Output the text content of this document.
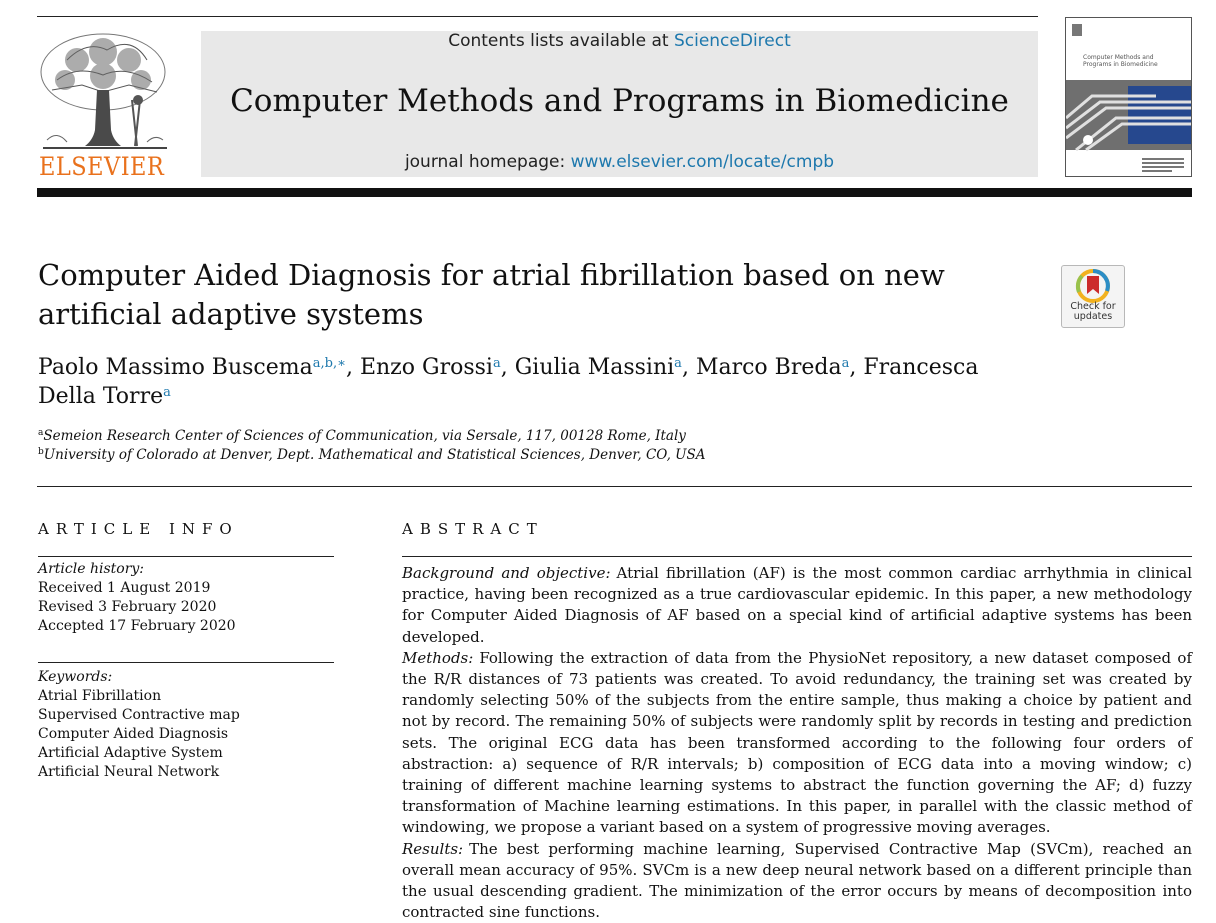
ELSEVIER
Contents lists available at ScienceDirect
Computer Methods and Programs in Biomedicine
journal homepage: www.elsevier.com/locate/cmpb
Computer Methods and Programs in Biomedicine
Computer Aided Diagnosis for atrial fibrillation based on new artificial adaptive systems	Check for updates
Paolo Massimo Buscema$^{a,b,∗}$, Enzo Grossi$^a$, Giulia Massini$^a$, Marco Breda$^a$, Francesca Della Torre$^a$
$^a$Semeion Research Center of Sciences of Communication, via Sersale, 117, 00128 Rome, Italy
$^b$University of Colorado at Denver, Dept. Mathematical and Statistical Sciences, Denver, CO, USA
ARTICLE INFO
Article history:
Received 1 August 2019
Revised 3 February 2020
Accepted 17 February 2020
Keywords:
Atrial Fibrillation
Supervised Contractive map
Computer Aided Diagnosis
Artificial Adaptive System
Artificial Neural Network
ABSTRACT

Background and objective: Atrial fibrillation (AF) is the most common cardiac arrhythmia in clinical practice, having been recognized as a true cardiovascular epidemic. In this paper, a new methodology for Computer Aided Diagnosis of AF based on a special kind of artificial adaptive systems has been developed.

Methods: Following the extraction of data from the PhysioNet repository, a new dataset composed of the R/R distances of 73 patients was created. To avoid redundancy, the training set was created by randomly selecting 50% of the subjects from the entire sample, thus making a choice by patient and not by record. The remaining 50% of subjects were randomly split by records in testing and prediction sets. The original ECG data has been transformed according to the following four orders of abstraction: a) sequence of R/R intervals; b) composition of ECG data into a moving window; c) training of different machine learning systems to abstract the function governing the AF; d) fuzzy transformation of Machine learning estimations. In this paper, in parallel with the classic method of windowing, we propose a variant based on a system of progressive moving averages.

Results: The best performing machine learning, Supervised Contractive Map (SVCm), reached an overall mean accuracy of 95%. SVCm is a new deep neural network based on a different principle than the usual descending gradient. The minimization of the error occurs by means of decomposition into contracted sine functions.
